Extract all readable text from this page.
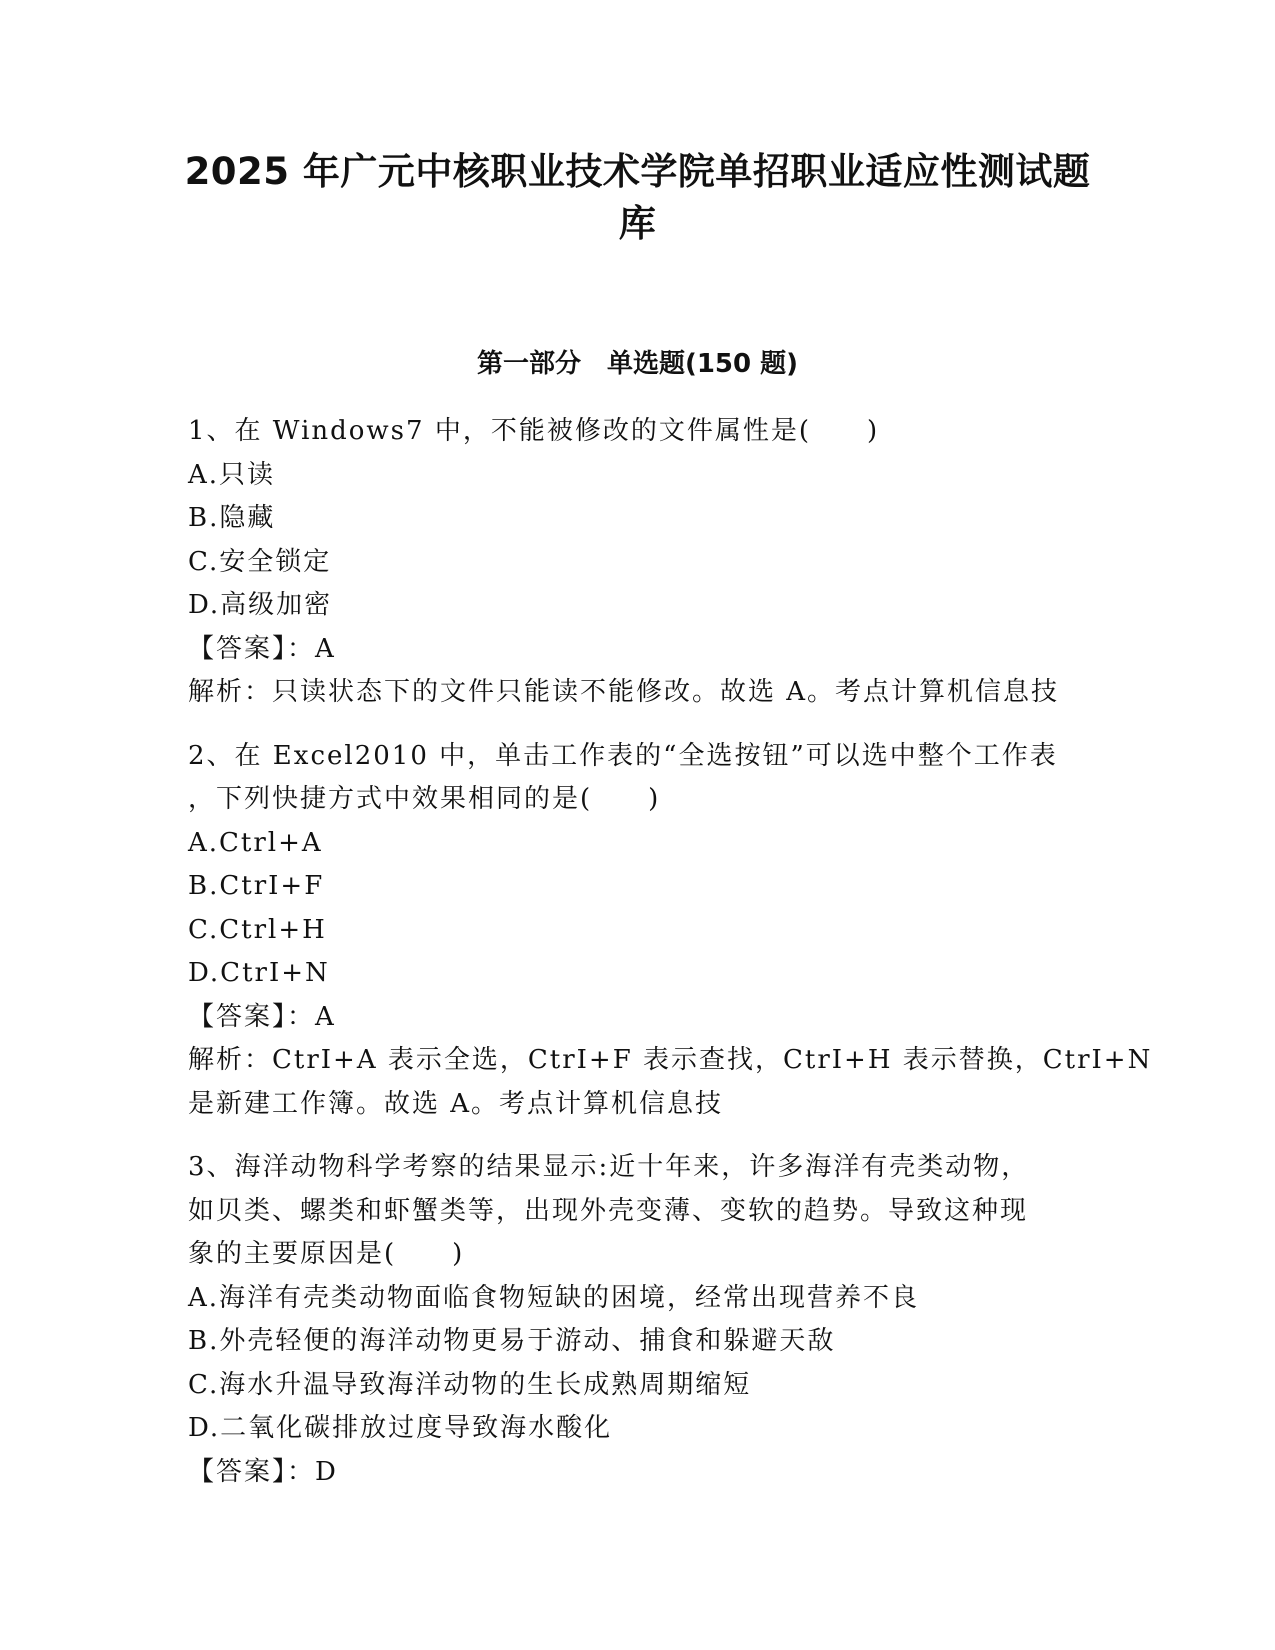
2025 年广元中核职业技术学院单招职业适应性测试题
库
第一部分　单选题(150 题)
1、在 Windows7 中，不能被修改的文件属性是(　　)
A.只读
B.隐藏
C.安全锁定
D.高级加密
【答案】：A
解析：只读状态下的文件只能读不能修改。故选 A。考点计算机信息技
2、在 Excel2010 中，单击工作表的“全选按钮”可以选中整个工作表
，下列快捷方式中效果相同的是(　　)
A.Ctrl+A
B.CtrI+F
C.Ctrl+H
D.CtrI+N
【答案】：A
解析：CtrI+A 表示全选，CtrI+F 表示查找，CtrI+H 表示替换，CtrI+N
是新建工作簿。故选 A。考点计算机信息技
3、海洋动物科学考察的结果显示:近十年来，许多海洋有壳类动物，
如贝类、螺类和虾蟹类等，出现外壳变薄、变软的趋势。导致这种现
象的主要原因是(　　)
A.海洋有壳类动物面临食物短缺的困境，经常出现营养不良
B.外壳轻便的海洋动物更易于游动、捕食和躲避天敌
C.海水升温导致海洋动物的生长成熟周期缩短
D.二氧化碳排放过度导致海水酸化
【答案】：D
